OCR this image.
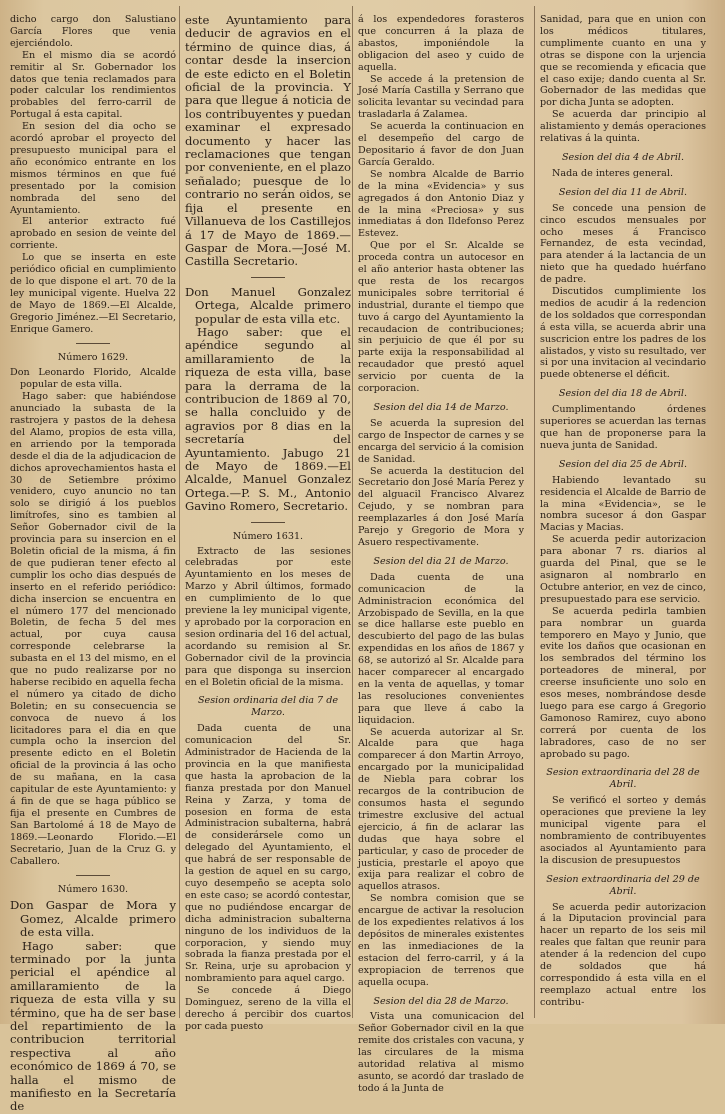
dicho cargo don Salustiano García Flores que venia ejerciéndolo.

En el mismo dia se acordó remitir al Sr. Gobernador los datos que tenia reclamados para poder calcular los rendimientos probables del ferro-carril de Portugal á esta capital.

En sesion del dia ocho se acordó aprobar el proyecto del presupuesto municipal para el año económico entrante en los mismos términos en que fué presentado por la comision nombrada del seno del Ayuntamiento.

El anterior extracto fué aprobado en sesion de veinte del corriente.

Lo que se inserta en este periódico oficial en cumplimiento de lo que dispone el art. 70 de la ley municipal vigente. Huelva 22 de Mayo de 1869.—El Alcalde, Gregorio Jiménez.—El Secretario, Enrique Gamero.

Número 1629.

Don Leonardo Florido, Alcalde popular de esta villa.

Hago saber: que habiéndose anunciado la subasta de la rastrojera y pastos de la dehesa del Alamo, propios de esta villa, en arriendo por la temporada desde el dia de la adjudicacion de dichos aprovechamientos hasta el 30 de Setiembre próximo venidero, cuyo anuncio no tan solo se dirigió á los pueblos limítrofes, sino es tambien al Señor Gobernador civil de la provincia para su insercion en el Boletin oficial de la misma, á fin de que pudieran tener efecto al cumplir los ocho dias después de inserto en el referido periódico: dicha insercion se encuentra en el número 177 del mencionado Boletin, de fecha 5 del mes actual, por cuya causa corresponde celebrarse la subasta en el 13 del mismo, en el que no pudo realizarse por no haberse recibido en aquella fecha el número ya citado de dicho Boletin; en su consecuencia se convoca de nuevo á los licitadores para el dia en que cumpla ocho la insercion del presente edicto en el Boletin oficial de la provincia á las ocho de su mañana, en la casa capitular de este Ayuntamiento: y á fin de que se haga público se fija el presente en Cumbres de San Bartolomé á 18 de Mayo de 1869.—Leonardo Florido.—El Secretario, Juan de la Cruz G. y Caballero.

Número 1630.

Don Gaspar de Mora y Gomez, Alcalde primero de esta villa.

Hago saber: que terminado por la junta pericial el apéndice al amillaramiento de la riqueza de esta villa y su término, que ha de ser base del repartimiento de la contribucion territorial respectiva al año económico de 1869 á 70, se halla el mismo de manifiesto en la Secretaría de

este Ayuntamiento para deducir de agravios en el término de quince dias, á contar desde la insercion de este edicto en el Boletin oficial de la provincia. Y para que llegue á noticia de los contribuyentes y puedan examinar el expresado documento y hacer las reclamaciones que tengan por conveniente, en el plazo señalado; puesque de lo contrario no serán oidos, se fija el presente en Villanueva de los Castillejos á 17 de Mayo de 1869.—Gaspar de Mora.—José M. Castilla Secretario.

Don Manuel Gonzalez Ortega, Alcalde primero popular de esta villa etc.

Hago saber: que el apéndice segundo al amillaramiento de la riqueza de esta villa, base para la derrama de la contribucion de 1869 al 70, se halla concluido y de agravios por 8 dias en la secretaría del Ayuntamiento. Jabugo 21 de Mayo de 1869.—El Alcalde, Manuel Gonzalez Ortega.—P. S. M., Antonio Gavino Romero, Secretario.

Número 1631.

Extracto de las sesiones celebradas por este Ayuntamiento en los meses de Marzo y Abril últimos, formado en cumplimiento de lo que previene la ley municipal vigente, y aprobado por la corporacion en sesion ordinaria del 16 del actual, acordando su remision al Sr. Gobernador civil de la provincia para que disponga su insercion en el Boletin oficial de la misma.

Sesion ordinaria del dia 7 de Marzo.

Dada cuenta de una comunicacion del Sr. Administrador de Hacienda de la provincia en la que manifiesta que hasta la aprobacion de la fianza prestada por don Manuel Reina y Zarza, y toma de posesion en forma de esta Administracion subalterna, habrá de considerársele como un delegado del Ayuntamiento, el que habrá de ser responsable de la gestion de aquel en su cargo, cuyo desempeño se acepta solo en este caso; se acordó contestar, que no pudiéndose encargar de dicha administracion subalterna ninguno de los individuos de la corporacion, y siendo muy sobrada la fianza prestada por el Sr. Reina, urje su aprobacion y nombramiento para aquel cargo.

Se concede á Diego Dominguez, sereno de la villa el derecho á percibir dos cuartos por cada puesto

á los expendedores forasteros que concurren á la plaza de abastos, imponiéndole la obligacion del aseo y cuido de aquella.

Se accede á la pretension de José María Castilla y Serrano que solicita levantar su vecindad para trasladarla á Zalamea.

Se acuerda la continuacion en el desempeño del cargo de Depositario á favor de don Juan García Geraldo.

Se nombra Alcalde de Barrio de la mina «Evidencia» y sus agregados á don Antonio Diaz y de la mina «Preciosa» y sus inmediatas á don Ildefonso Perez Estevez.

Que por el Sr. Alcalde se proceda contra un autocesor en el año anterior hasta obtener las que resta de los recargos municipales sobre territorial é industrial, durante el tiempo que tuvo á cargo del Ayuntamiento la recaudacion de contribuciones; sin perjuicio de que él por su parte exija la responsabilidad al recaudador que prestó aquel servicio por cuenta de la corporacion.

Sesion del dia 14 de Marzo.

Se acuerda la supresion del cargo de Inspector de carnes y se encarga del servicio á la comision de Sanidad.

Se acuerda la destitucion del Secretario don José María Perez y del alguacil Francisco Alvarez Cejudo, y se nombran para reemplazarles á don José María Parejo y Gregorio de Mora y Asuero respectivamente.

Sesion del dia 21 de Marzo.

Dada cuenta de una comunicacion de la Administracion económica del Arzobispado de Sevilla, en la que se dice hallarse este pueblo en descubierto del pago de las bulas expendidas en los años de 1867 y 68, se autorizó al Sr. Alcalde para hacer comparecer al encargado en la venta de aquellas, y tomar las resoluciones convenientes para que lleve á cabo la liquidacion.

Se acuerda autorizar al Sr. Alcalde para que haga comparecer á don Martin Arroyo, encargado por la municipalidad de Niebla para cobrar los recargos de la contribucion de consumos hasta el segundo trimestre exclusive del actual ejercicio, á fin de aclarar las dudas que haya sobre el particular, y caso de proceder de justicia, prestarle el apoyo que exija para realizar el cobro de aquellos atrasos.

Se nombra comision que se encargue de activar la resolucion de los expedientes relativos á los depósitos de minerales existentes en las inmediaciones de la estacion del ferro-carril, y á la expropiacion de terrenos que aquella ocupa.

Sesion del dia 28 de Marzo.

Vista una comunicacion del Señor Gobernador civil en la que remite dos cristales con vacuna, y las circulares de la misma autoridad relativa al mismo asunto, se acordó dar traslado de todo á la Junta de

Sanidad, para que en union con los médicos titulares, cumplimente cuanto en una y otras se dispone con la urjencia que se recomienda y eficacia que el caso exije; dando cuenta al Sr. Gobernador de las medidas que por dicha Junta se adopten.

Se acuerda dar principio al alistamiento y demás operaciones relativas á la quinta.

Sesion del dia 4 de Abril.

Nada de interes general.

Sesion del dia 11 de Abril.

Se concede una pension de cinco escudos mensuales por ocho meses á Francisco Fernandez, de esta vecindad, para atender á la lactancia de un nieto que ha quedado huérfano de padre.

Discutidos cumplimiente los medios de acudir á la redencion de los soldados que correspondan á esta villa, se acuerda abrir una suscricion entre los padres de los alistados, y visto su resultado, ver si por una invitacion al vecindario puede obtenerse el déficit.

Sesion del dia 18 de Abril.

Cumplimentando órdenes superiores se acuerdan las ternas que han de proponerse para la nueva junta de Sanidad.

Sesion del dia 25 de Abril.

Habiendo levantado su residencia el Alcalde de Barrio de la mina «Evidencia», se le nombra sucesor á don Gaspar Macias y Macias.

Se acuerda pedir autorizacion para abonar 7 rs. diarios al guarda del Pinal, que se le asignaron al nombrarlo en Octubre anterior, en vez de cinco, presupuestado para ese servicio.

Se acuerda pedirla tambien para nombrar un guarda temporero en Mayo y Junio, que evite los daños que ocasionan en los sembrados del término los porteadores de mineral, por creerse insuficiente uno solo en esos meses, nombrándose desde luego para ese cargo á Gregorio Gamonoso Ramirez, cuyo abono correrá por cuenta de los labradores, caso de no ser aprobado su pago.

Sesion extraordinaria del 28 de Abril.

Se verificó el sorteo y demás operaciones que previene la ley municipal vigente para el nombramiento de contribuyentes asociados al Ayuntamiento para la discusion de presupuestos

Sesion extraordinaria del 29 de Abril.

Se acuerda pedir autorizacion á la Diputacion provincial para hacer un reparto de los seis mil reales que faltan que reunir para atender á la redencion del cupo de soldados que há correspondido á esta villa en el reemplazo actual entre los contribu-
